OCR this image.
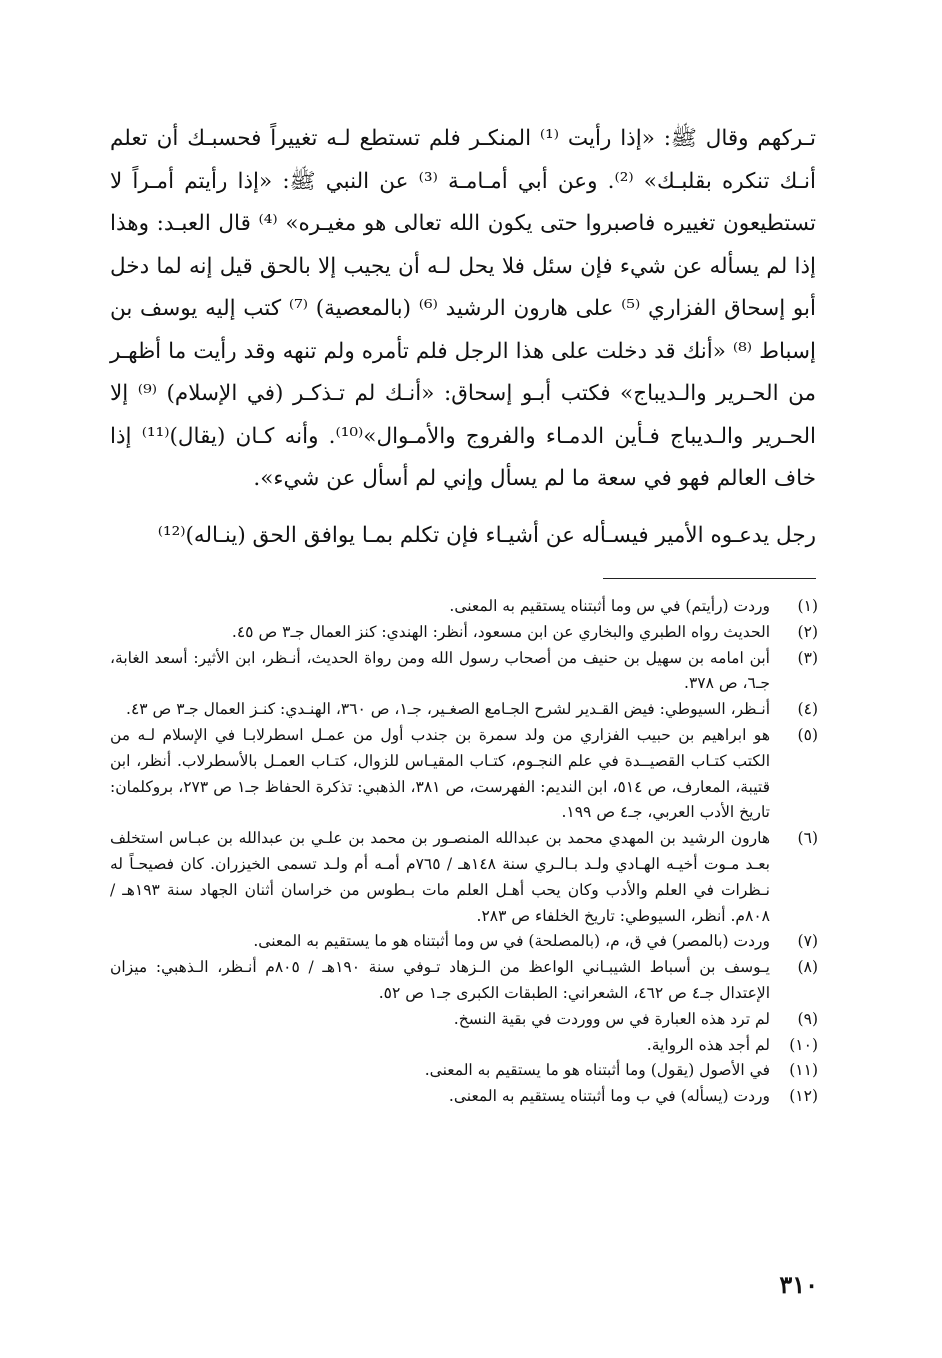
تـركهم وقال ﷺ: «إذا رأيت ⁽¹⁾ المنكـر فلم تستطع لـه تغييراً فحسبـك أن تعلم أنـك تنكره بقلبـك» ⁽²⁾. وعن أبي أمـامـة ⁽³⁾ عن النبي ﷺ: «إذا رأيتم أمـراً لا تستطيعون تغييره فاصبروا حتى يكون الله تعالى هو مغيـره» ⁽⁴⁾ قال العبـد: وهذا إذا لم يسأله عن شيء فإن سئل فلا يحل لـه أن يجيب إلا بالحق قيل إنه لما دخل أبو إسحاق الفزاري ⁽⁵⁾ على هارون الرشيد ⁽⁶⁾ (بالمعصية) ⁽⁷⁾ كتب إليه يوسف بن إسباط ⁽⁸⁾ «أنك قد دخلت على هذا الرجل فلم تأمره ولم تنهه وقد رأيت ما أظهـر من الحـرير والـديباج» فكتب أبـو إسحاق: «أنـك لم تـذكـر (في الإسلام) ⁽⁹⁾ إلا الحـرير والـديباج فـأين الدمـاء والفروج والأمـوال»⁽¹⁰⁾. وأنه كـان (يقال)⁽¹¹⁾ إذا خاف العالم فهو في سعة ما لم يسأل وإني لم أسأل عن شيء».

رجل يدعـوه الأمير فيسـأله عن أشيـاء فإن تكلم بمـا يوافق الحق (ينـاله)⁽¹²⁾

(١)
وردت (رأيتم) في س وما أثبتناه يستقيم به المعنى.
(٢)
الحديث رواه الطبري والبخاري عن ابن مسعود، أنظر: الهندي: كنز العمال جـ٣ ص ٤٥.
(٣)
أبن امامه بن سهيل بن حنيف من أصحاب رسول الله ومن رواة الحديث، أنـظر، ابن الأثير: أسعد الغابة، جـ٦، ص ٣٧٨.
(٤)
أنـظر، السيوطي: فيض القـدير لشرح الجـامع الصغـير، جـ١، ص ٣٦٠، الهنـدي: كنـز العمال جـ٣ ص ٤٣.
(٥)
هو ابراهيم بن حبيب الفزاري من ولد سمرة بن جندب أول من عمـل اسطرلابـا في الإسلام لـه من الكتب كتـاب القصيــدة في علم النجـوم، كتـاب المقيـاس للزوال، كتـاب العمـل بالأسطرلاب. أنظر، ابن قتيبة، المعارف، ص ٥١٤، ابن النديم: الفهرست، ص ٣٨١، الذهبي: تذكرة الحفاظ جـ١ ص ٢٧٣، بروكلمان: تاريخ الأدب العربي، جـ٤ ص ١٩٩.
(٦)
هارون الرشيد بن المهدي محمد بن عبدالله المنصـور بن محمد بن علـي بن عبدالله بن عبـاس استخلف بعـد مـوت أخيـه الهـادي ولـد بـالـري سنة ١٤٨هـ / ٧٦٥م أمـه أم ولـد تسمى الخيزران. كان فصيحـاً له نـظرات في العلم والأدب وكان يحب أهـل العلم مات بـطوس من خراسان أثنان الجهاد سنة ١٩٣هـ / ٨٠٨م. أنظر، السيوطي: تاريخ الخلفاء ص ٢٨٣.
(٧)
وردت (بالمصر) في ق، م، (بالمصلحة) في س وما أثبتناه هو ما يستقيم به المعنى.
(٨)
يـوسف بن أسباط الشيبـاني الواعظ من الـزهاد تـوفي سنة ١٩٠هـ / ٨٠٥م أنـظر، الـذهبي: ميزان الإعتدال جـ٤ ص ٤٦٢، الشعراني: الطبقات الكبرى جـ١ ص ٥٢.
(٩)
لم ترد هذه العبارة في س ووردت في بقية النسخ.
(١٠)
لم أجد هذه الرواية.
(١١)
في الأصول (يقول) وما أثبتناه هو ما يستقيم به المعنى.
(١٢)
وردت (يسأله) في ب وما أثبتناه يستقيم به المعنى.
٣١٠
